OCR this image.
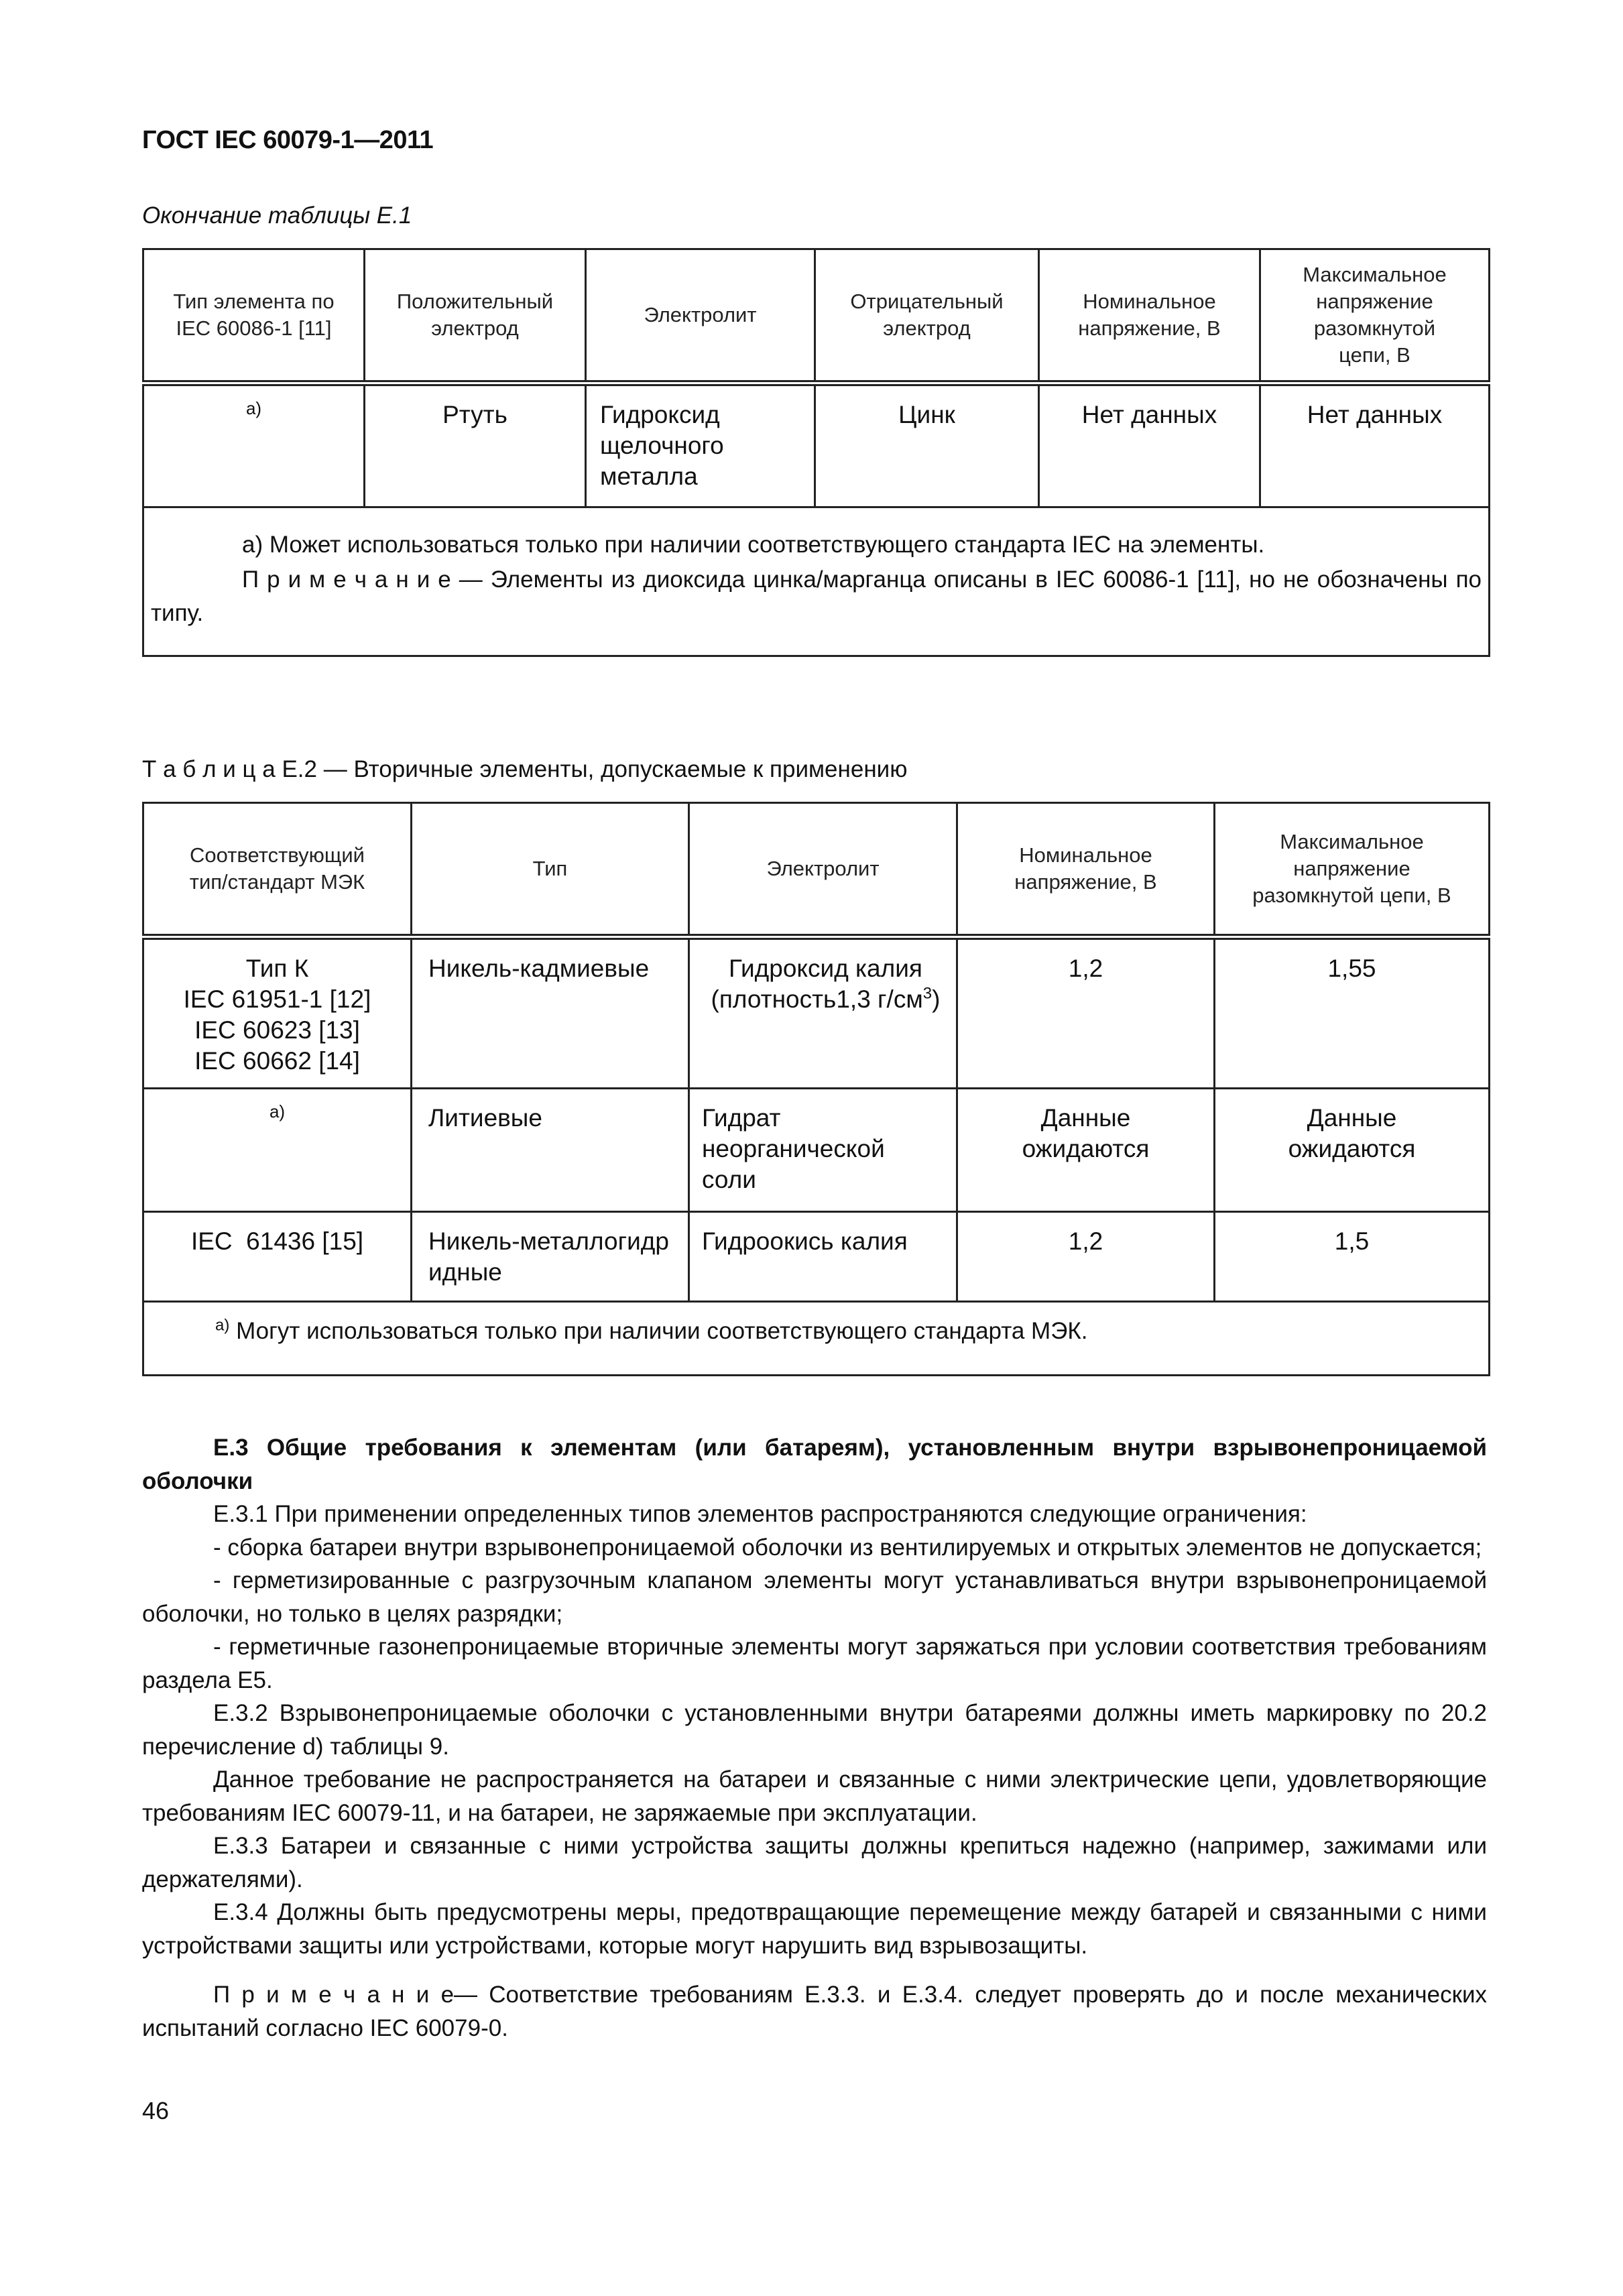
ГОСТ IEC 60079-1—2011
Окончание таблицы Е.1
Тип элемента по IEC 60086-1 [11]	Положительный электрод	Электролит	Отрицательный электрод	Номинальное напряжение, В	Максимальное напряжение разомкнутой цепи, В

a)	Ртуть	Гидроксид щелочного металла	Цинк	Нет данных	Нет данных

а) Может использоваться только при наличии соответствующего стандарта IEC на элементы.
П р и м е ч а н и е — Элементы из диоксида цинка/марганца описаны в IEC 60086-1 [11], но не обозначены по типу.					
Т а б л и ц а Е.2 — Вторичные элементы, допускаемые к применению
Соответствующий тип/стандарт МЭК	Тип	Электролит	Номинальное напряжение, В	Максимальное напряжение разомкнутой цепи, В

Тип К
IEC 61951-1 [12]
IEC 60623 [13]
IEC 60662 [14]	Никель-кадмиевые	Гидроксид калия (плотность1,3 $г/см^3$)	1,2	1,55

a)	Литиевые	Гидрат неорганической соли	Данные ожидаются	Данные ожидаются

IEC  61436 [15]	Никель-металлогидридные	Гидроокись калия	1,2	1,5

$^{a)}$ Могут использоваться только при наличии соответствующего стандарта МЭК.				

Е.3 Общие требования к элементам (или батареям), установленным внутри взрывонепроницаемой оболочки

Е.3.1 При применении определенных типов элементов распространяются следующие ограничения:

- сборка батареи внутри взрывонепроницаемой оболочки из вентилируемых и открытых элементов не допускается;

- герметизированные с разгрузочным клапаном элементы могут устанавливаться внутри взрывонепроницаемой оболочки, но только в целях разрядки;

- герметичные газонепроницаемые вторичные элементы могут заряжаться при условии соответствия требованиям раздела Е5.

Е.3.2 Взрывонепроницаемые оболочки с установленными внутри батареями должны иметь маркировку по 20.2 перечисление d) таблицы 9.

Данное требование не распространяется на батареи и связанные с ними электрические цепи, удовлетворяющие требованиям IEC 60079-11, и на батареи, не заряжаемые при эксплуатации.

Е.3.3 Батареи и связанные с ними устройства защиты должны крепиться надежно (например, зажимами или держателями).

Е.3.4 Должны быть предусмотрены меры, предотвращающие перемещение между батарей и связанными с ними устройствами защиты или устройствами, которые могут нарушить вид взрывозащиты.

П р и м е ч а н и е— Соответствие требованиям Е.3.3. и Е.3.4. следует проверять до и после механических испытаний согласно IEC 60079-0.

46
